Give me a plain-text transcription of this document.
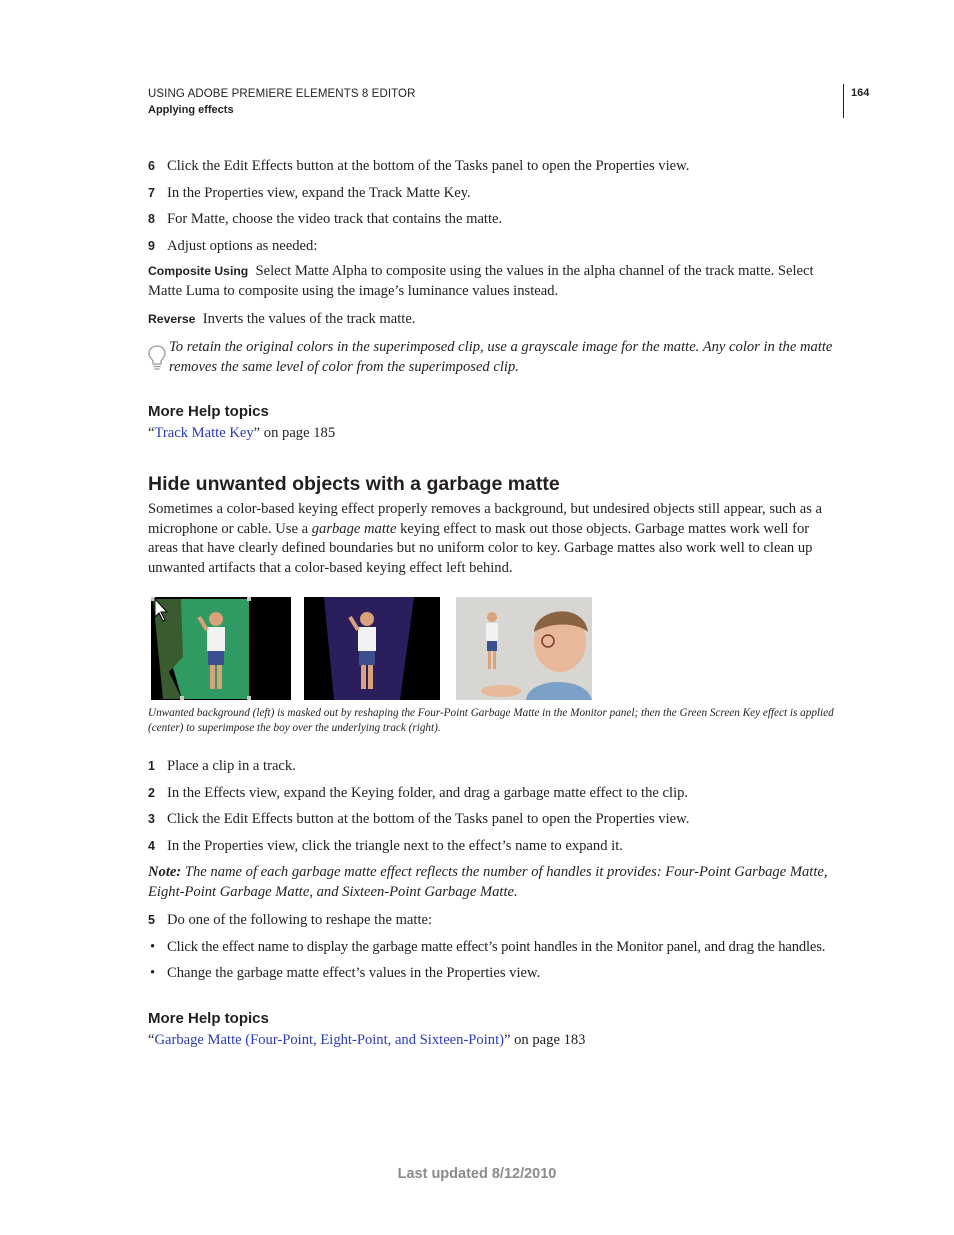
USING ADOBE PREMIERE ELEMENTS 8 EDITOR
Applying effects
164
6 Click the Edit Effects button at the bottom of the Tasks panel to open the Properties view.
7 In the Properties view, expand the Track Matte Key.
8 For Matte, choose the video track that contains the matte.
9 Adjust options as needed:
Composite Using Select Matte Alpha to composite using the values in the alpha channel of the track matte. Select Matte Luma to composite using the image’s luminance values instead.
Reverse Inverts the values of the track matte.
To retain the original colors in the superimposed clip, use a grayscale image for the matte. Any color in the matte removes the same level of color from the superimposed clip.
More Help topics
“Track Matte Key” on page 185
Hide unwanted objects with a garbage matte
Sometimes a color-based keying effect properly removes a background, but undesired objects still appear, such as a microphone or cable. Use a garbage matte keying effect to mask out those objects. Garbage mattes work well for areas that have clearly defined boundaries but no uniform color to key. Garbage mattes also work well to clean up unwanted artifacts that a color-based keying effect left behind.
Unwanted background (left) is masked out by reshaping the Four-Point Garbage Matte in the Monitor panel; then the Green Screen Key effect is applied (center) to superimpose the boy over the underlying track (right).
1 Place a clip in a track.
2 In the Effects view, expand the Keying folder, and drag a garbage matte effect to the clip.
3 Click the Edit Effects button at the bottom of the Tasks panel to open the Properties view.
4 In the Properties view, click the triangle next to the effect’s name to expand it.
Note: The name of each garbage matte effect reflects the number of handles it provides: Four-Point Garbage Matte, Eight-Point Garbage Matte, and Sixteen-Point Garbage Matte.
5 Do one of the following to reshape the matte:
• Click the effect name to display the garbage matte effect’s point handles in the Monitor panel, and drag the handles.
• Change the garbage matte effect’s values in the Properties view.
More Help topics
“Garbage Matte (Four-Point, Eight-Point, and Sixteen-Point)” on page 183
Last updated 8/12/2010
